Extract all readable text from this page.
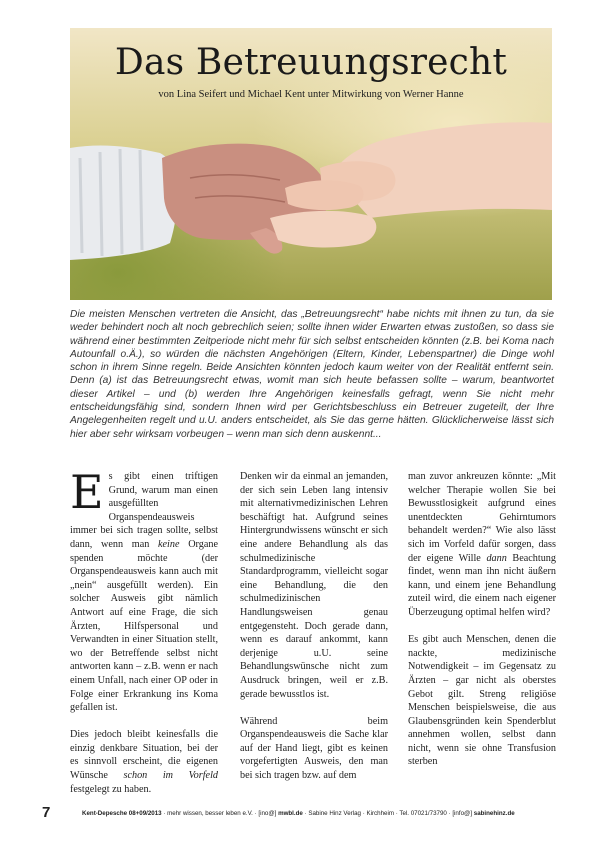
Das Betreuungsrecht
von Lina Seifert und Michael Kent unter Mitwirkung von Werner Hanne

Die meisten Menschen vertreten die Ansicht, das „Betreuungsrecht“ habe nichts mit ihnen zu tun, da sie weder behindert noch alt noch gebrechlich seien; sollte ihnen wider Erwarten etwas zustoßen, so dass sie während einer bestimmten Zeitperiode nicht mehr für sich selbst entscheiden könnten (z.B. bei Koma nach Autounfall o.Ä.), so würden die nächsten Angehörigen (Eltern, Kinder, Lebenspartner) die Dinge wohl schon in ihrem Sinne regeln. Beide Ansichten könnten jedoch kaum weiter von der Realität entfernt sein. Denn (a) ist das Betreuungsrecht etwas, womit man sich heute befassen sollte – warum, beantwortet dieser Artikel – und (b) werden Ihre Angehörigen keinesfalls gefragt, wenn Sie nicht mehr entscheidungsfähig sind, sondern Ihnen wird per Gerichtsbeschluss ein Betreuer zugeteilt, der Ihre Angelegenheiten regelt und u.U. anders entscheidet, als Sie das gerne hätten. Glücklicherweise lässt sich hier aber sehr wirksam vorbeugen – wenn man sich denn auskennt...

Es gibt einen triftigen Grund, warum man einen ausgefüllten Organspendeausweis immer bei sich tragen sollte, selbst dann, wenn man keine Organe spenden möchte (der Organspendeausweis kann auch mit „nein“ ausgefüllt werden). Ein solcher Ausweis gibt nämlich Antwort auf eine Frage, die sich Ärzten, Hilfspersonal und Verwandten in einer Situation stellt, wo der Betreffende selbst nicht antworten kann – z.B. wenn er nach einem Unfall, nach einer OP oder in Folge einer Erkrankung ins Koma gefallen ist.

Dies jedoch bleibt keinesfalls die einzig denkbare Situation, bei der es sinnvoll erscheint, die eigenen Wünsche schon im Vorfeld festgelegt zu haben.

Denken wir da einmal an jemanden, der sich sein Leben lang intensiv mit alternativmedizinischen Lehren beschäftigt hat. Aufgrund seines Hintergrundwissens wünscht er sich eine andere Behandlung als das schulmedizinische Standardprogramm, vielleicht sogar eine Behandlung, die den schulmedizinischen Handlungsweisen genau entgegensteht. Doch gerade dann, wenn es darauf ankommt, kann derjenige u.U. seine Behandlungswünsche nicht zum Ausdruck bringen, weil er z.B. gerade bewusstlos ist.

Während beim Organspendeausweis die Sache klar auf der Hand liegt, gibt es keinen vorgefertigten Ausweis, den man bei sich tragen bzw. auf dem

man zuvor ankreuzen könnte: „Mit welcher Therapie wollen Sie bei Bewusstlosigkeit aufgrund eines unentdeckten Gehirntumors behandelt werden?“ Wie also lässt sich im Vorfeld dafür sorgen, dass der eigene Wille dann Beachtung findet, wenn man ihn nicht äußern kann, und einem jene Behandlung zuteil wird, die einem nach eigener Überzeugung optimal helfen wird?

Es gibt auch Menschen, denen die nackte, medizinische Notwendigkeit – im Gegensatz zu Ärzten – gar nicht als oberstes Gebot gilt. Streng religiöse Menschen beispielsweise, die aus Glaubensgründen kein Spenderblut annehmen wollen, selbst dann nicht, wenn sie ohne Transfusion sterben

7	Kent-Depesche 08+09/2013 · mehr wissen, besser leben e.V. · [ino@] mwbl.de · Sabine Hinz Verlag · Kirchheim · Tel. 07021/73790 · [info@] sabinehinz.de
